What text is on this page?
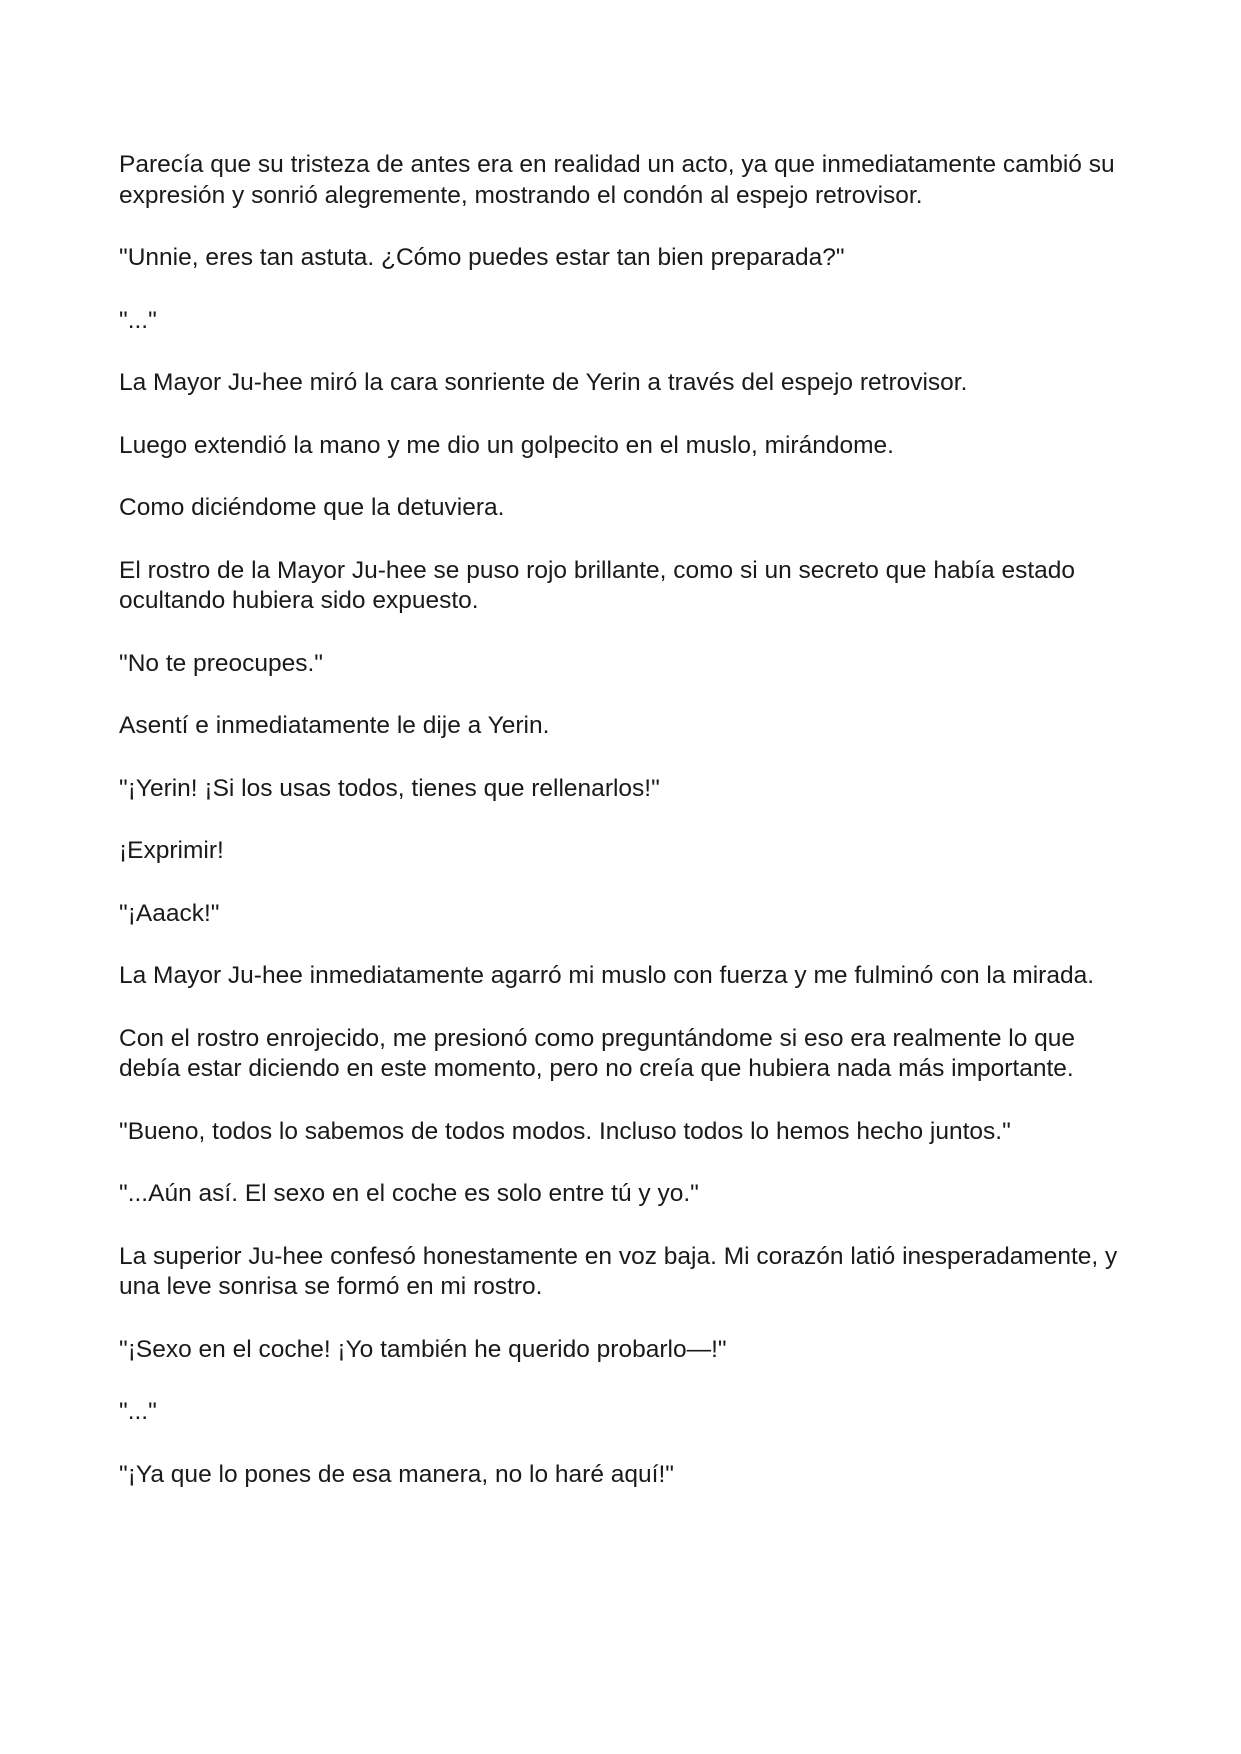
Parecía que su tristeza de antes era en realidad un acto, ya que inmediatamente cambió su expresión y sonrió alegremente, mostrando el condón al espejo retrovisor.

"Unnie, eres tan astuta. ¿Cómo puedes estar tan bien preparada?"

"..."

La Mayor Ju-hee miró la cara sonriente de Yerin a través del espejo retrovisor.

Luego extendió la mano y me dio un golpecito en el muslo, mirándome.

Como diciéndome que la detuviera.

El rostro de la Mayor Ju-hee se puso rojo brillante, como si un secreto que había estado ocultando hubiera sido expuesto.

"No te preocupes."

Asentí e inmediatamente le dije a Yerin.

"¡Yerin! ¡Si los usas todos, tienes que rellenarlos!"

¡Exprimir!

"¡Aaack!"

La Mayor Ju-hee inmediatamente agarró mi muslo con fuerza y me fulminó con la mirada.

Con el rostro enrojecido, me presionó como preguntándome si eso era realmente lo que debía estar diciendo en este momento, pero no creía que hubiera nada más importante.

"Bueno, todos lo sabemos de todos modos. Incluso todos lo hemos hecho juntos."

"...Aún así. El sexo en el coche es solo entre tú y yo."

La superior Ju-hee confesó honestamente en voz baja. Mi corazón latió inesperadamente, y una leve sonrisa se formó en mi rostro.

"¡Sexo en el coche! ¡Yo también he querido probarlo—!"

"..."

"¡Ya que lo pones de esa manera, no lo haré aquí!"
